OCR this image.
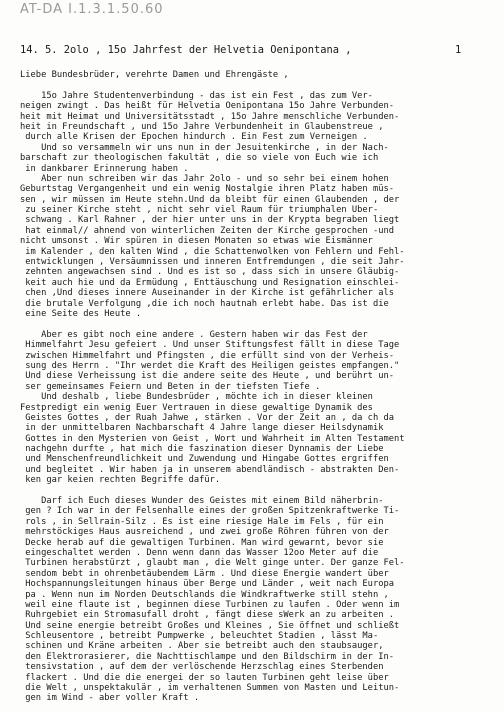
AT-DA I.1.3.1.50.60
14. 5. 2olo , 15o Jahrfest der Helvetia Oenipontana ,	1
Liebe Bundesbrüder, verehrte Damen und Ehrengäste ,
15o Jahre Studentenverbindung - das ist ein Fest , das zum Ver-
neigen zwingt . Das heißt für Helvetia Oenipontana 15o Jahre Verbunden-
heit mit Heimat und Universitätsstadt , 15o Jahre menschliche Verbunden-
heit in Freundschaft , und 15o Jahre Verbundenheit in Glaubenstreue ,
durch alle Krisen der Epochen hindurch . Ein Fest zum Verneigen .
Und so versammeln wir uns nun in der Jesuitenkirche , in der Nach-
barschaft zur theologischen fakultät , die so viele von Euch wie ich
in dankbarer Erinnerung haben .
Aber nun schreiben wir das Jahr 2olo - und so sehr bei einem hohen
Geburtstag Vergangenheit und ein wenig Nostalgie ihren Platz haben müs-
sen , wir müssen im Heute stehn.Und da bleibt für einen Glaubenden , der
zu seiner Kirche steht , nicht sehr viel Raum für triumphalen Über-
schwang . Karl Rahner , der hier unter uns in der Krypta begraben liegt
hat einmal// ahnend von winterlichen Zeiten der Kirche gesprochen -und
nicht umsonst . Wir spüren in diesen Monaten so etwas wie Eismänner
im Kalender , den kalten Wind , die Schattenwolken von Fehlern und Fehl-
entwicklungen , Versäumnissen und inneren Entfremdungen , die seit Jahr-
zehnten angewachsen sind . Und es ist so , dass sich in unsere Gläubig-
keit auch hie und da Ermüdung , Enttäuschung und Resignation einschlei-
chen ,Und dieses innere Auseinander in der Kirche ist gefährlicher als
die brutale Verfolgung ,die ich noch hautnah erlebt habe. Das ist die
eine Seite des Heute .
Aber es gibt noch eine andere . Gestern haben wir das Fest der
Himmelfahrt Jesu gefeiert . Und unser Stiftungsfest fällt in diese Tage
zwischen Himmelfahrt und Pfingsten , die erfüllt sind von der Verheis-
sung des Herrn . "Ihr werdet die Kraft des Heiligen geistes empfangen."
Und diese Verheissung ist die andere seite des Heute , und berührt un-
ser gemeinsames Feiern und Beten in der tiefsten Tiefe .
Und deshalb , liebe Bundesbrüder , möchte ich in dieser kleinen
Festpredigt ein wenig Euer Vertrauen in diese gewaltige Dynamik des
Geistes Gottes , der Ruah Jahwe , stärken . Vor der Zeit an , da ch da
in der unmittelbaren Nachbarschaft 4 Jahre lange dieser Heilsdynamik
Gottes in den Mysterien von Geist , Wort und Wahrheit im Alten Testament
nachgehn durfte , hat mich die faszination dieser Dynnamis der Liebe
und Menschenfreundlichkeit und Zuwendung und Hingabe Gottes ergriffen
und begleitet . Wir haben ja in unserem abendländisch - abstrakten Den-
ken gar keien rechten Begriffe dafür.
Darf ich Euch dieses Wunder des Geistes mit einem Bild näherbrin-
gen ? Ich war in der Felsenhalle eines der großen Spitzenkraftwerke Ti-
rols , in Sellrain-Silz . Es ist eine riesige Hale im Fels , für ein
mehrstöckiges Haus ausreichend , und zwei große Röhren führen von der
Decke herab auf die gewaltigen Turbinen. Man wird gewarnt, bevor sie
eingeschaltet werden . Denn wenn dann das Wasser 12oo Meter auf die
Turbinen herabstürzt , glaubt man , die Welt ginge unter. Der ganze Fel-
sendom bebt in ohrenbetäubendem Lärm . Und diese Energie wandert über
Hochspannungsleitungen hinaus über Berge und Länder , weit nach Europa
pa . Wenn nun im Norden Deutschlands die Windkraftwerke still stehn ,
weil eine flaute ist , beginnen diese Turbinen zu laufen . Oder wenn im
Ruhrgebiet ein Stromasufall droht , fängt diese sWerk an zu arbeiten .
Und seine energie betreibt Großes und Kleines , Sie öffnet und schließt
Schleusentore , betreibt Pumpwerke , beleuchtet Stadien , lässt Ma-
schinen und Kräne arbeiten . Aber sie betreibt auch den staubsauger,
den Elektrorasierer, die Nachttischlampe und den Bildschirm in der In-
tensivstation , auf dem der verlöschende Herzschlag eines Sterbenden
flackert . Und die die energei der so lauten Turbinen geht leise über
die Welt , unspektakulär , im verhaltenen Summen von Masten und Leitun-
gen im Wind - aber voller Kraft .
